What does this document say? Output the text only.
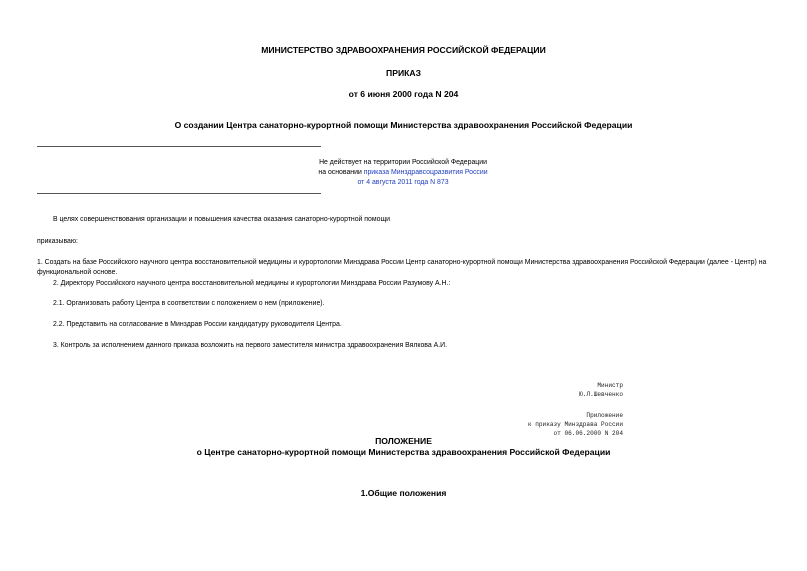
МИНИСТЕРСТВО ЗДРАВООХРАНЕНИЯ РОССИЙСКОЙ ФЕДЕРАЦИИ
ПРИКАЗ
от 6 июня 2000 года N 204
О создании Центра санаторно-курортной помощи Министерства здравоохранения Российской Федерации
Не действует на территории Российской Федерации
на основании приказа Минздравсоцразвития России
от 4 августа 2011 года N 873
В целях совершенствования организации и повышения качества оказания санаторно-курортной помощи
приказываю:
1. Создать на базе Российского научного центра восстановительной медицины и курортологии Минздрава России Центр санаторно-курортной помощи Министерства здравоохранения Российской Федерации (далее - Центр) на функциональной основе.
2. Директору Российского научного центра восстановительной медицины и курортологии Минздрава России Разумову А.Н.:
2.1. Организовать работу Центра в соответствии с положением о нем (приложение).
2.2. Представить на согласование в Минздрав России кандидатуру руководителя Центра.
3. Контроль за исполнением данного приказа возложить на первого заместителя министра здравоохранения Вялкова А.И.
Министр
Ю.Л.Шевченко
Приложение
к приказу Минздрава России
от 06.06.2000 N 204
ПОЛОЖЕНИЕ
о Центре санаторно-курортной помощи Министерства здравоохранения Российской Федерации
1.Общие положения
